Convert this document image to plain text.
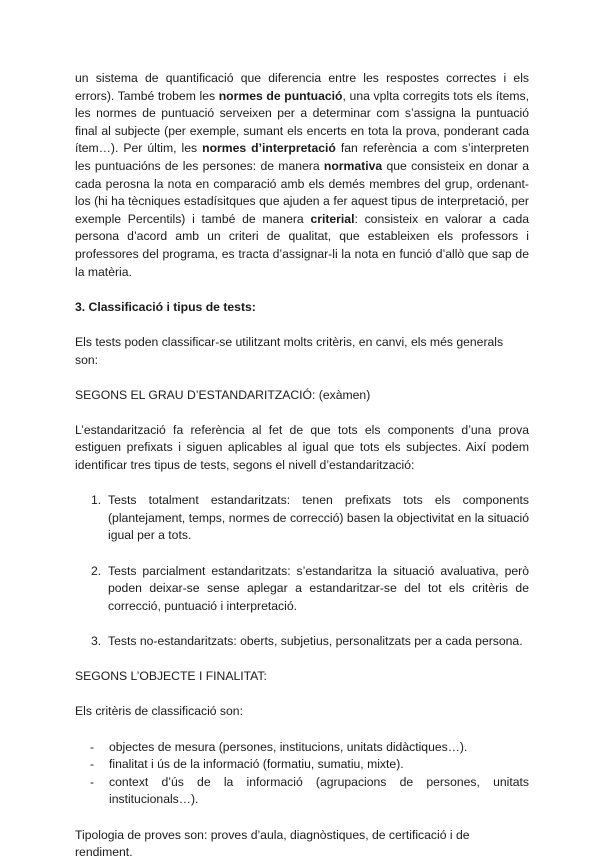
un sistema de quantificació que diferencia entre les respostes correctes i els errors). També trobem les normes de puntuació, una vplta corregits tots els ítems, les normes de puntuació serveixen per a determinar com s’assigna la puntuació final al subjecte (per exemple, sumant els encerts en tota la prova, ponderant cada ítem…). Per últim, les normes d’interpretació fan referència a com s’interpreten les puntuacións de les persones: de manera normativa que consisteix en donar a cada perosna la nota en comparació amb els demés membres del grup, ordenant-los (hi ha tècniques estadísitques que ajuden a fer aquest tipus de interpretació, per exemple Percentils) i també de manera criterial: consisteix en valorar a cada persona d’acord amb un criteri de qualitat, que estableixen els professors i professores del programa, es tracta d’assignar-li la nota en funció d’allò que sap de la matèria.

3. Classificació i tipus de tests:

Els tests poden classificar-se utilitzant molts critèris, en canvi, els més generals son:

SEGONS EL GRAU D’ESTANDARITZACIÓ: (exàmen)

L’estandarització fa referència al fet de que tots els components d’una prova estiguen prefixats i siguen aplicables al igual que tots els subjectes. Així podem identificar tres tipus de tests, segons el nivell d’estandarització:

1. Tests totalment estandaritzats: tenen prefixats tots els components (plantejament, temps, normes de correcció) basen la objectivitat en la situació igual per a tots.
2. Tests parcialment estandaritzats: s’estandaritza la situació avaluativa, però poden deixar-se sense aplegar a estandaritzar-se del tot els critèris de correcció, puntuació i interpretació.
3. Tests no-estandaritzats: oberts, subjetius, personalitzats per a cada persona.

SEGONS L’OBJECTE I FINALITAT:

Els critèris de classificació son:

- objectes de mesura (persones, institucions, unitats didàctiques…).
- finalitat i ús de la informació (formatiu, sumatiu, mixte).
- context d’ús de la informació (agrupacions de persones, unitats institucionals…).

Tipologia de proves son: proves d’aula, diagnòstiques, de certificació i de rendiment.
